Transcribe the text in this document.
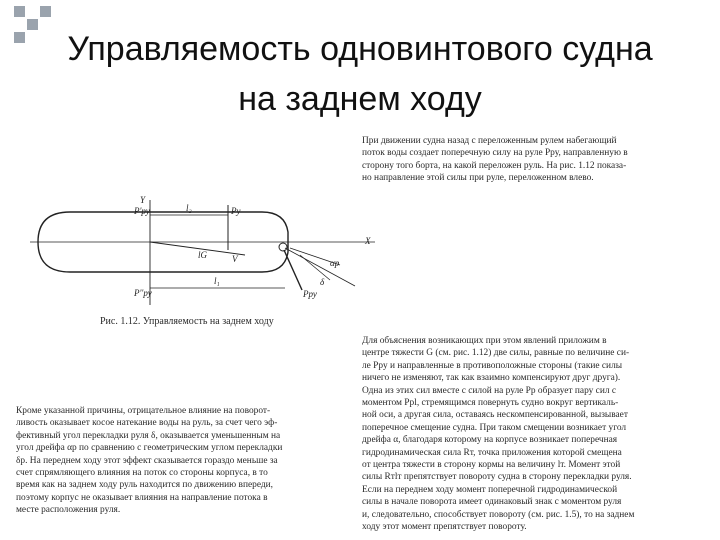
Управляемость одновинтового судна
на заднем ходу
Y
X
P'ру	l₂	Pу
lG	V
P''ру
l₁
Pру
αр
δ
Рис. 1.12. Управляемость на заднем ходу
При движении судна назад с переложенным рулем набегающий
поток воды создает поперечную силу на руле Pру, направленную в
сторону того борта, на какой переложен руль. На рис. 1.12 показа-
но направление этой силы при руле, переложенном влево.
Для объяснения возникающих при этом явлений приложим в
центре тяжести G (см. рис. 1.12) две силы, равные по величине си-
ле Pру и направленные в противоположные стороны (такие силы
ничего не изменяют, так как взаимно компенсируют друг друга).
Одна из этих сил вместе с силой на руле Pр образует пару сил с
моментом Pрl, стремящимся повернуть судно вокруг вертикаль-
ной оси, а другая сила, оставаясь нескомпенсированной, вызывает
поперечное смещение судна. При таком смещении возникает угол
дрейфа α, благодаря которому на корпусе возникает поперечная
гидродинамическая сила Rт, точка приложения которой смещена
от центра тяжести в сторону кормы на величину lт. Момент этой
силы Rтlт препятствует повороту судна в сторону перекладки руля.
Если на переднем ходу момент поперечной гидродинамической
силы в начале поворота имеет одинаковый знак с моментом руля
и, следовательно, способствует повороту (см. рис. 1.5), то на заднем
ходу этот момент препятствует повороту.
Кроме указанной причины, отрицательное влияние на поворот-
ливость оказывает косое натекание воды на руль, за счет чего эф-
фективный угол перекладки руля δ, оказывается уменьшенным на
угол дрейфа αр по сравнению с геометрическим углом перекладки
δр. На переднем ходу этот эффект сказывается гораздо меньше за
счет спрямляющего влияния на поток со стороны корпуса, в то
время как на заднем ходу руль находится по движению впереди,
поэтому корпус не оказывает влияния на направление потока в
месте расположения руля.
